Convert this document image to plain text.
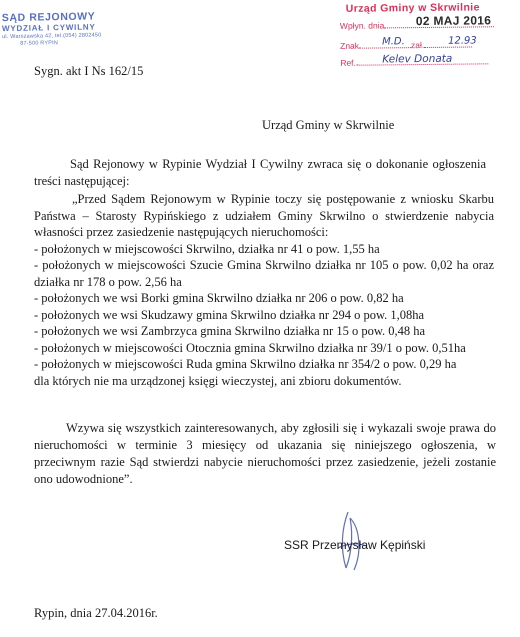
SĄD REJONOWY
WYDZIAŁ I CYWILNY
ul. Warszawska 42, tel.(054) 2802450
87-500 RYPIN
Urząd Gminy w Skrwilnie
Wpłyn. dnia
Znak	zał.
Ref.
02 MAJ 2016
M.D.	12.93
Kelev Donata
Sygn. akt I Ns 162/15
Urząd Gminy w Skrwilnie
Sąd Rejonowy w Rypinie Wydział I Cywilny zwraca się o dokonanie ogłoszenia treści następującej:
„Przed Sądem Rejonowym w Rypinie toczy się postępowanie z wniosku Skarbu Państwa – Starosty Rypińskiego z udziałem Gminy Skrwilno o stwierdzenie nabycia własności przez zasiedzenie następujących nieruchomości:
- położonych w miejscowości Skrwilno, działka nr 41 o pow. 1,55 ha
- położonych w miejscowości Szucie Gmina Skrwilno działka nr 105 o pow. 0,02 ha oraz działka nr 178 o pow. 2,56 ha
- położonych we wsi Borki gmina Skrwilno działka nr 206 o pow. 0,82 ha
- położonych we wsi Skudzawy gmina Skrwilno działka nr 294 o pow. 1,08ha
- położonych we wsi Zambrzyca gmina Skrwilno działka nr 15 o pow. 0,48 ha
- położonych w miejscowości Otocznia gmina Skrwilno działka nr 39/1 o pow. 0,51ha
- położonych w miejscowości Ruda gmina Skrwilno działka nr 354/2 o pow. 0,29 ha
dla których nie ma urządzonej księgi wieczystej, ani zbioru dokumentów.
Wzywa się wszystkich zainteresowanych, aby zgłosili się i wykazali swoje prawa do nieruchomości w terminie 3 miesięcy od ukazania się niniejszego ogłoszenia, w przeciwnym razie Sąd stwierdzi nabycie nieruchomości przez zasiedzenie, jeżeli zostanie ono udowodnione”.
SSR Przemysław Kępiński
Rypin, dnia 27.04.2016r.
